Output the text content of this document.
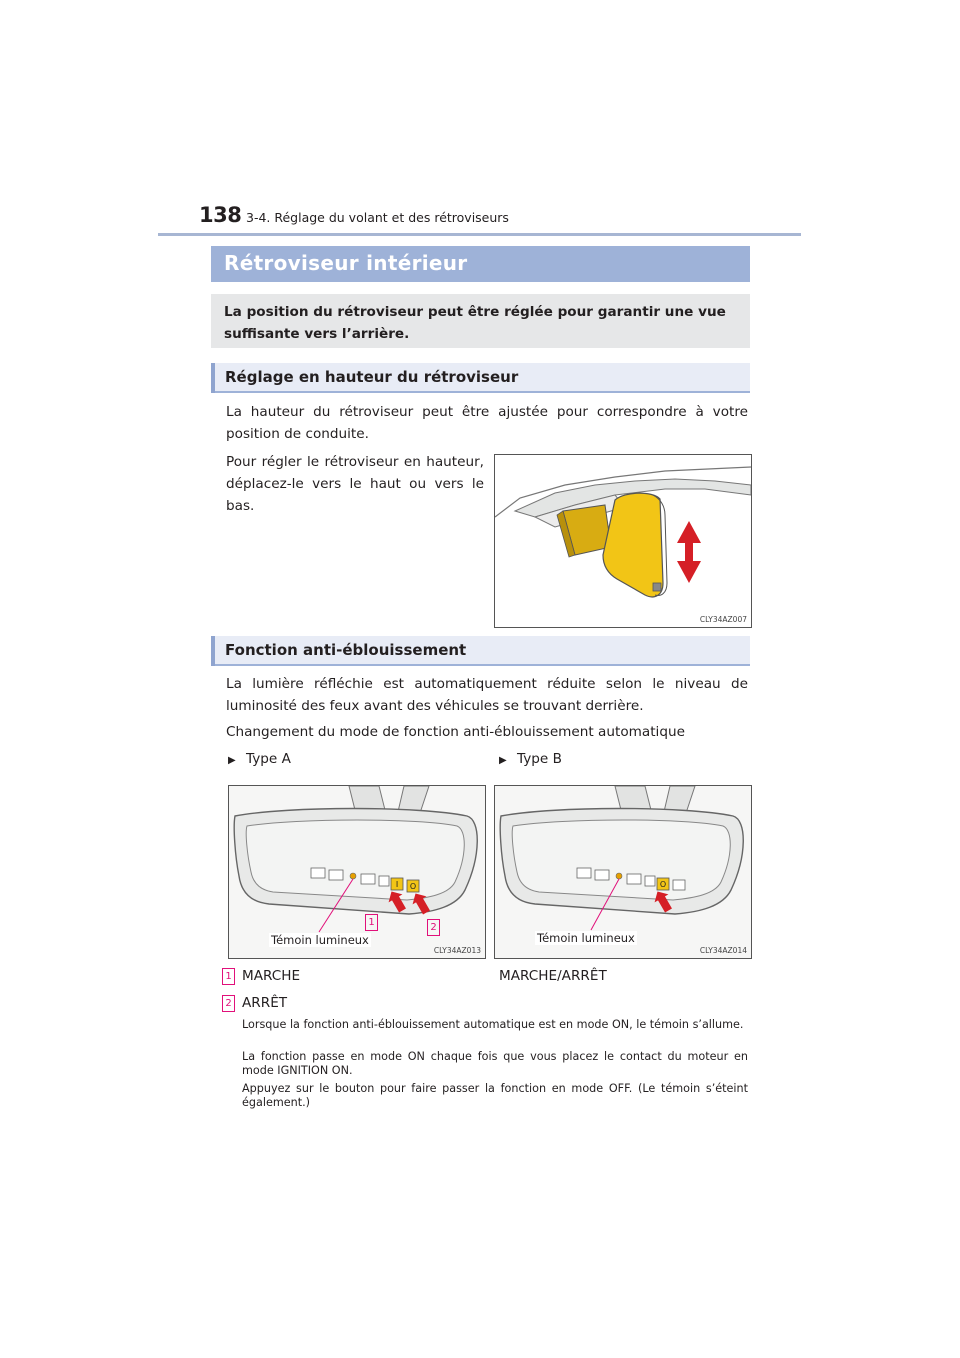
138 3-4. Réglage du volant et des rétroviseurs
Rétroviseur intérieur
La position du rétroviseur peut être réglée pour garantir une vue suffisante vers l’arrière.
Réglage en hauteur du rétroviseur
La hauteur du rétroviseur peut être ajustée pour correspondre à votre position de conduite.
Pour régler le rétroviseur en hauteur, déplacez-le vers le haut ou vers le bas.
CLY34AZ007
Fonction anti-éblouissement
La lumière réfléchie est automatiquement réduite selon le niveau de luminosité des feux avant des véhicules se trouvant derrière.
Changement du mode de fonction anti-éblouissement automatique
▶ Type A	▶ Type B
I O
1	2
Témoin lumineux
CLY34AZ013
O
Témoin lumineux
CLY34AZ014
1 MARCHE	MARCHE/ARRÊT
2 ARRÊT
Lorsque la fonction anti-éblouissement automatique est en mode ON, le témoin s’allume.
La fonction passe en mode ON chaque fois que vous placez le contact du moteur en mode IGNITION ON.
Appuyez sur le bouton pour faire passer la fonction en mode OFF. (Le témoin s’éteint également.)
